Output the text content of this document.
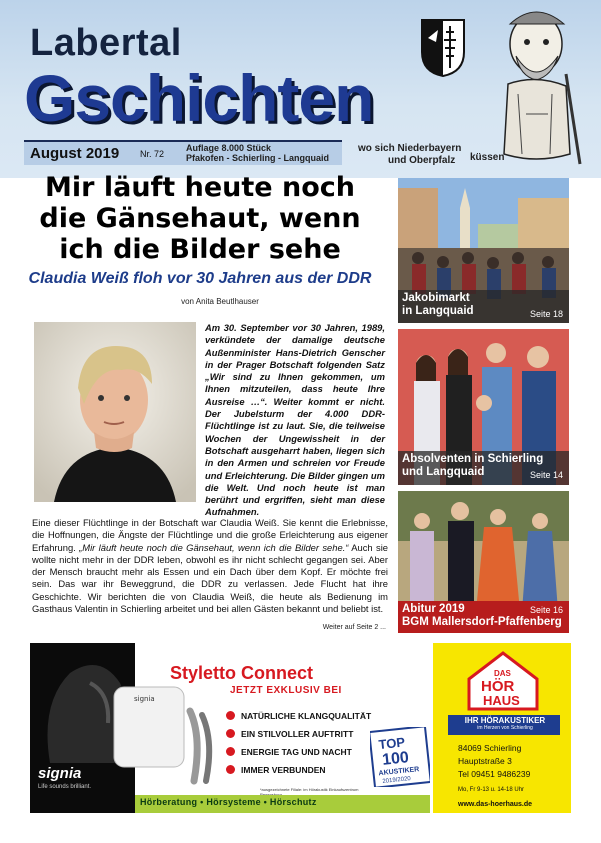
Labertal
Gschichten
August 2019 Nr. 72
Auflage 8.000 Stück
Pfakofen - Schierling - Langquaid
wo sich Niederbayern
und Oberpfalz	küssen
Mir läuft heute noch
die Gänsehaut, wenn
ich die Bilder sehe
Claudia Weiß floh vor 30 Jahren aus der DDR
von Anita Beutlhauser
Am 30. September vor 30 Jahren, 1989, verkündete der damalige deutsche Außenminister Hans-Dietrich Genscher in der Prager Botschaft folgenden Satz „Wir sind zu Ihnen gekommen, um Ihnen mitzuteilen, dass heute Ihre Ausreise …“. Weiter kommt er nicht. Der Jubelsturm der 4.000 DDR-Flüchtlinge ist zu laut. Sie, die teilweise Wochen der Ungewissheit in der Botschaft ausgeharrt haben, liegen sich in den Armen und schreien vor Freude und Erleichterung. Die Bilder gingen um die Welt. Und noch heute ist man berührt und ergriffen, sieht man diese Aufnahmen.
Eine dieser Flüchtlinge in der Botschaft war Claudia Weiß. Sie kennt die Erlebnisse, die Hoffnungen, die Ängste der Flüchtlinge und die große Erleichterung aus eigener Erfahrung. „Mir läuft heute noch die Gänsehaut, wenn ich die Bilder sehe.“ Auch sie wollte nicht mehr in der DDR leben, obwohl es ihr nicht schlecht gegangen sei. Aber der Mensch braucht mehr als Essen und ein Dach über dem Kopf. Er möchte frei sein. Das war ihr Beweggrund, die DDR zu verlassen. Jede Flucht hat ihre Geschichte. Wir berichten die von Claudia Weiß, die heute als Bedienung im Gasthaus Valentin in Schierling arbeitet und bei allen Gästen bekannt und beliebt ist.
Weiter auf Seite 2 ...
Jakobimarkt
in Langquaid	Seite 18
Absolventen in Schierling
und Langquaid	Seite 14
Abitur 2019
BGM Mallersdorf-Pfaffenberg
Seite 16
signia
Life sounds brilliant.
signia
Styletto Connect
JETZT EXKLUSIV BEI
NATÜRLICHE KLANGQUALITÄT
EIN STILVOLLER AUFTRITT
ENERGIE TAG UND NACHT
IMMER VERBUNDEN
TOP
100
AKUSTIKER
2019/2020
*ausgezeichnete Filiale: im Hörakustik Einkaufszentrum
Hörberatung • Hörsysteme • Hörschutz
DAS
HÖR
HAUS
IHR HÖRAKUSTIKER
im Herzen von Schierling
84069 Schierling
Hauptstraße 3
Tel 09451 9486239
Mo, Fr 9-13 u. 14-18 Uhr
www.das-hoerhaus.de
